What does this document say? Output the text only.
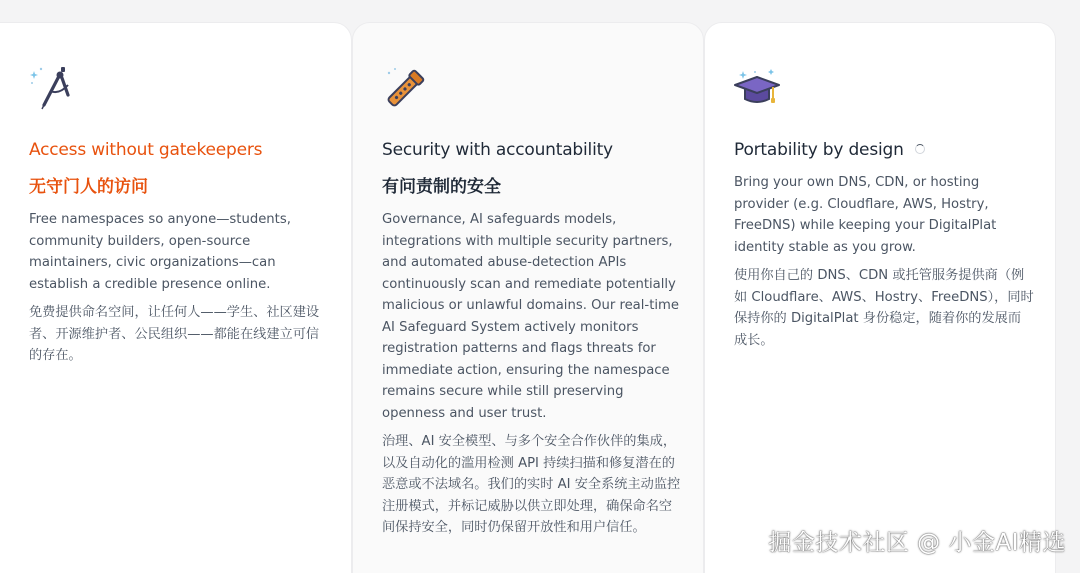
Access without gatekeepers
无守门人的访问

Free namespaces so anyone—students, community builders, open-source maintainers, civic organizations—can establish a credible presence online.

免费提供命名空间，让任何人——学生、社区建设者、开源维护者、公民组织——都能在线建立可信的存在。

Security with accountability
有问责制的安全

Governance, AI safeguards models, integrations with multiple security partners, and automated abuse-detection APIs continuously scan and remediate potentially malicious or unlawful domains. Our real-time AI Safeguard System actively monitors registration patterns and flags threats for immediate action, ensuring the namespace remains secure while still preserving openness and user trust.

治理、AI 安全模型、与多个安全合作伙伴的集成，以及自动化的滥用检测 API 持续扫描和修复潜在的恶意或不法域名。我们的实时 AI 安全系统主动监控注册模式，并标记威胁以供立即处理，确保命名空间保持安全，同时仍保留开放性和用户信任。

Portability by design

Bring your own DNS, CDN, or hosting provider (e.g. Cloudflare, AWS, Hostry, FreeDNS) while keeping your DigitalPlat identity stable as you grow.

使用你自己的 DNS、CDN 或托管服务提供商（例如 Cloudflare、AWS、Hostry、FreeDNS），同时保持你的 DigitalPlat 身份稳定，随着你的发展而成长。

掘金技术社区 @ 小金AI精选
